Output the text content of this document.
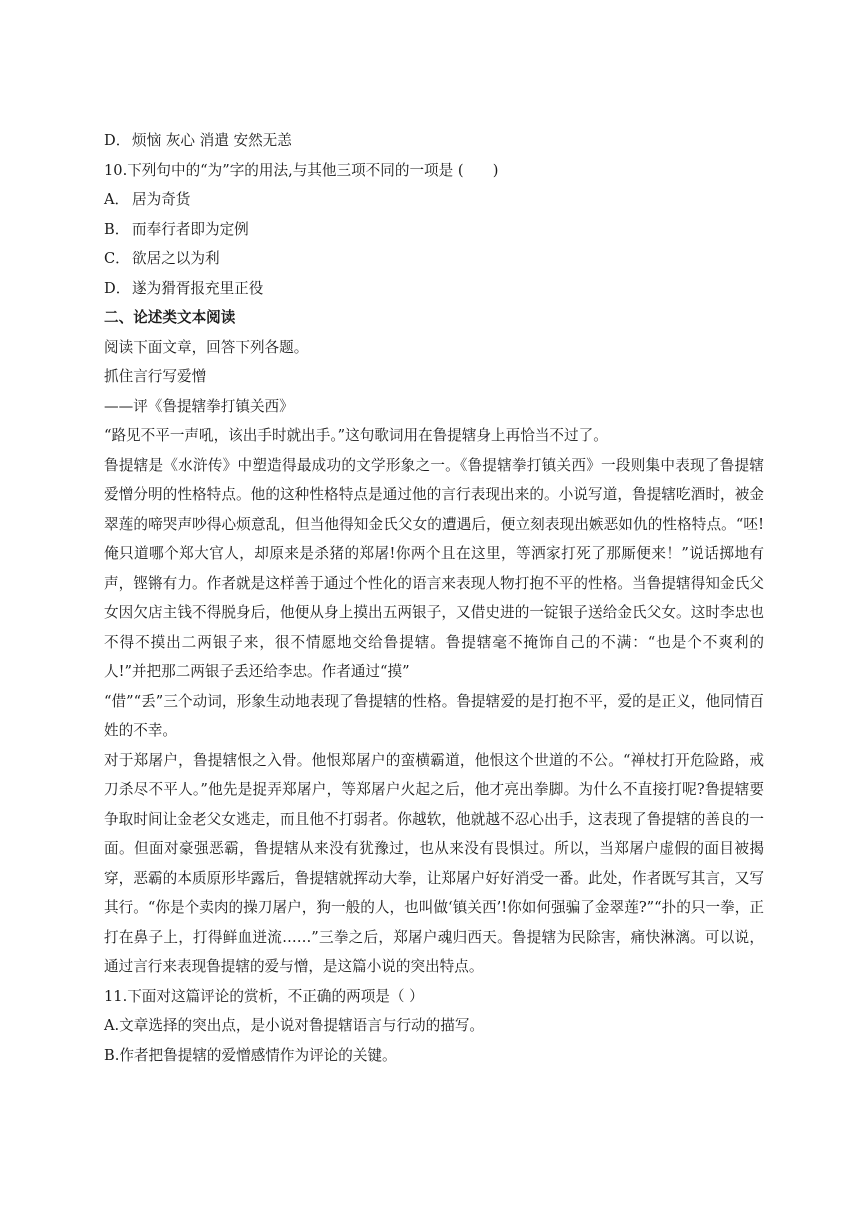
D． 烦恼 灰心 消遣 安然无恙

10.下列句中的“为”字的用法,与其他三项不同的一项是 (　　)

A． 居为奇货

B． 而奉行者即为定例

C． 欲居之以为利

D． 遂为猾胥报充里正役

二、论述类文本阅读

阅读下面文章，回答下列各题。

抓住言行写爱憎

——评《鲁提辖拳打镇关西》

“路见不平一声吼，该出手时就出手。”这句歌词用在鲁提辖身上再恰当不过了。

鲁提辖是《水浒传》中塑造得最成功的文学形象之一。《鲁提辖拳打镇关西》一段则集中表现了鲁提辖爱憎分明的性格特点。他的这种性格特点是通过他的言行表现出来的。小说写道，鲁提辖吃酒时，被金翠莲的啼哭声吵得心烦意乱，但当他得知金氏父女的遭遇后，便立刻表现出嫉恶如仇的性格特点。“呸!俺只道哪个郑大官人，却原来是杀猪的郑屠!你两个且在这里，等洒家打死了那厮便来！”说话掷地有声，铿锵有力。作者就是这样善于通过个性化的语言来表现人物打抱不平的性格。当鲁提辖得知金氏父女因欠店主钱不得脱身后，他便从身上摸出五两银子，又借史进的一锭银子送给金氏父女。这时李忠也不得不摸出二两银子来，很不情愿地交给鲁提辖。鲁提辖毫不掩饰自己的不满：“也是个不爽利的人!”并把那二两银子丢还给李忠。作者通过“摸”

“借”“丢”三个动词，形象生动地表现了鲁提辖的性格。鲁提辖爱的是打抱不平，爱的是正义，他同情百姓的不幸。

对于郑屠户，鲁提辖恨之入骨。他恨郑屠户的蛮横霸道，他恨这个世道的不公。“禅杖打开危险路，戒刀杀尽不平人。”他先是捉弄郑屠户，等郑屠户火起之后，他才亮出拳脚。为什么不直接打呢?鲁提辖要争取时间让金老父女逃走，而且他不打弱者。你越软，他就越不忍心出手，这表现了鲁提辖的善良的一面。但面对豪强恶霸，鲁提辖从来没有犹豫过，也从来没有畏惧过。所以，当郑屠户虚假的面目被揭穿，恶霸的本质原形毕露后，鲁提辖就挥动大拳，让郑屠户好好消受一番。此处，作者既写其言，又写其行。“你是个卖肉的操刀屠户，狗一般的人，也叫做‘镇关西’!你如何强骗了金翠莲?”“扑的只一拳，正打在鼻子上，打得鲜血迸流……”三拳之后，郑屠户魂归西天。鲁提辖为民除害，痛快淋漓。可以说，通过言行来表现鲁提辖的爱与憎，是这篇小说的突出特点。

11.下面对这篇评论的赏析，不正确的两项是（ ）

A.文章选择的突出点，是小说对鲁提辖语言与行动的描写。

B.作者把鲁提辖的爱憎感情作为评论的关键。
